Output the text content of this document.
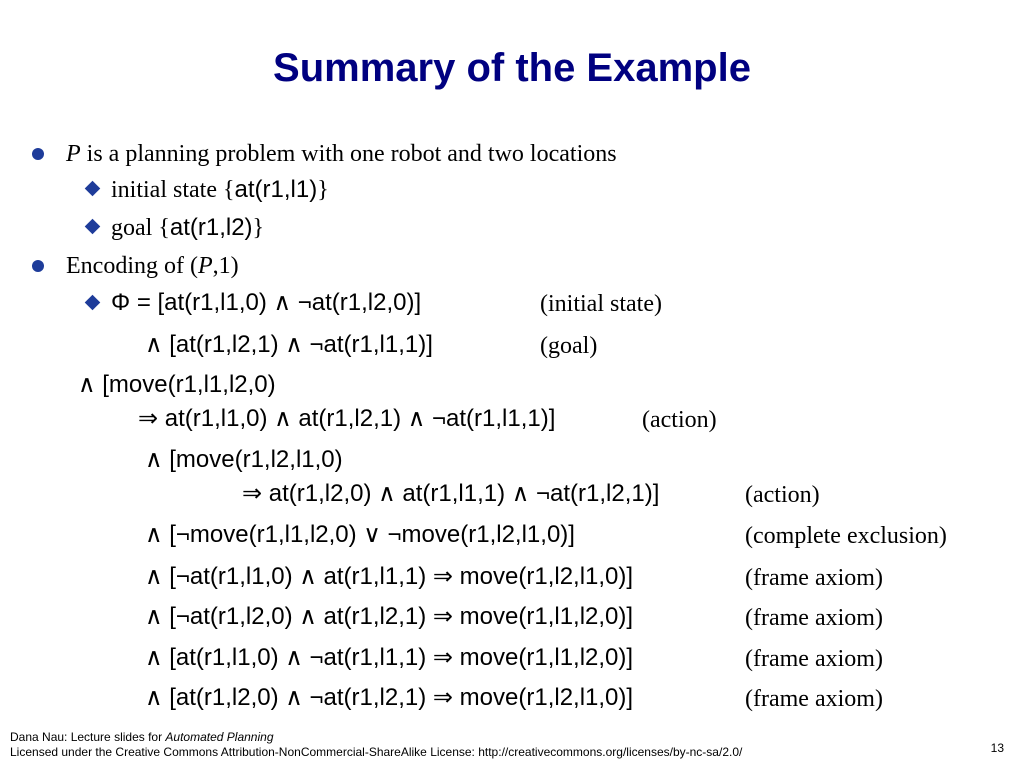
Summary of the Example
P is a planning problem with one robot and two locations
initial state {at(r1,l1)}
goal {at(r1,l2)}
Encoding of (P,1)
Φ = [at(r1,l1,0) ∧ ¬at(r1,l2,0)]	(initial state)
∧ [at(r1,l2,1) ∧ ¬at(r1,l1,1)]	(goal)
∧ [move(r1,l1,l2,0)
⇒ at(r1,l1,0) ∧ at(r1,l2,1) ∧ ¬at(r1,l1,1)]	(action)
∧ [move(r1,l2,l1,0)
⇒ at(r1,l2,0) ∧ at(r1,l1,1) ∧ ¬at(r1,l2,1)]	(action)
∧ [¬move(r1,l1,l2,0) ∨ ¬move(r1,l2,l1,0)]	(complete exclusion)
∧ [¬at(r1,l1,0) ∧ at(r1,l1,1) ⇒ move(r1,l2,l1,0)]	(frame axiom)
∧ [¬at(r1,l2,0) ∧ at(r1,l2,1) ⇒ move(r1,l1,l2,0)]	(frame axiom)
∧ [at(r1,l1,0) ∧ ¬at(r1,l1,1) ⇒ move(r1,l1,l2,0)]	(frame axiom)
∧ [at(r1,l2,0) ∧ ¬at(r1,l2,1) ⇒ move(r1,l2,l1,0)]	(frame axiom)
Dana Nau: Lecture slides for Automated Planning
Licensed under the Creative Commons Attribution-NonCommercial-ShareAlike License: http://creativecommons.org/licenses/by-nc-sa/2.0/	13
